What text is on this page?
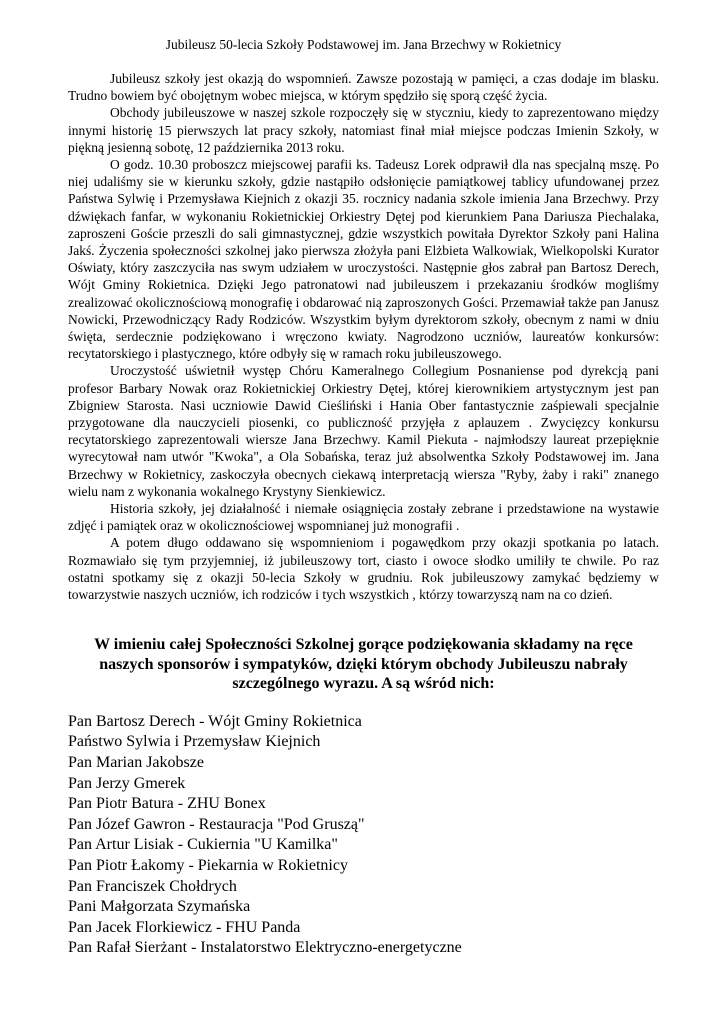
Jubileusz 50-lecia Szkoły Podstawowej im. Jana Brzechwy w Rokietnicy

Jubileusz szkoły jest okazją do wspomnień. Zawsze pozostają w pamięci, a czas dodaje im blasku. Trudno bowiem być obojętnym wobec miejsca, w którym spędziło się sporą część życia.

Obchody jubileuszowe w naszej szkole rozpoczęły się w styczniu, kiedy to zaprezentowano między innymi historię 15 pierwszych lat pracy szkoły, natomiast finał miał miejsce podczas Imienin Szkoły, w piękną jesienną sobotę, 12 października 2013 roku.

O godz. 10.30 proboszcz miejscowej parafii ks. Tadeusz Lorek odprawił dla nas specjalną mszę. Po niej udaliśmy sie w kierunku szkoły, gdzie nastąpiło odsłonięcie pamiątkowej tablicy ufundowanej przez Państwa Sylwię i Przemysława Kiejnich z okazji 35. rocznicy nadania szkole imienia Jana Brzechwy. Przy dźwiękach fanfar, w wykonaniu Rokietnickiej Orkiestry Dętej pod kierunkiem Pana Dariusza Piechalaka, zaproszeni Goście przeszli do sali gimnastycznej, gdzie wszystkich powitała Dyrektor Szkoły pani Halina Jakś. Życzenia społeczności szkolnej jako pierwsza złożyła pani Elżbieta Walkowiak, Wielkopolski Kurator Oświaty, który zaszczyciła nas swym udziałem w uroczystości. Następnie głos zabrał pan Bartosz Derech, Wójt Gminy Rokietnica. Dzięki Jego patronatowi nad jubileuszem i przekazaniu środków mogliśmy zrealizować okolicznościową monografię i obdarować nią zaproszonych Gości. Przemawiał także pan Janusz Nowicki, Przewodniczący Rady Rodziców. Wszystkim byłym dyrektorom szkoły, obecnym z nami w dniu święta, serdecznie podziękowano i wręczono kwiaty. Nagrodzono uczniów, laureatów konkursów: recytatorskiego i plastycznego, które odbyły się w ramach roku jubileuszowego.

Uroczystość uświetnił występ Chóru Kameralnego Collegium Posnaniense pod dyrekcją pani profesor Barbary Nowak oraz Rokietnickiej Orkiestry Dętej, której kierownikiem artystycznym jest pan Zbigniew Starosta. Nasi uczniowie Dawid Cieśliński i Hania Ober fantastycznie zaśpiewali specjalnie przygotowane dla nauczycieli piosenki, co publiczność przyjęła z aplauzem . Zwycięzcy konkursu recytatorskiego zaprezentowali wiersze Jana Brzechwy. Kamil Piekuta - najmłodszy laureat przepięknie wyrecytował nam utwór "Kwoka", a Ola Sobańska, teraz już absolwentka Szkoły Podstawowej im. Jana Brzechwy w Rokietnicy, zaskoczyła obecnych ciekawą interpretacją wiersza "Ryby, żaby i raki" znanego wielu nam z wykonania wokalnego Krystyny Sienkiewicz.

Historia szkoły, jej działalność i niemałe osiągnięcia zostały zebrane i przedstawione na wystawie zdjęć i pamiątek oraz w okolicznościowej wspomnianej już monografii .

A potem długo oddawano się wspomnieniom i pogawędkom przy okazji spotkania po latach. Rozmawiało się tym przyjemniej, iż jubileuszowy tort, ciasto i owoce słodko umiliły te chwile. Po raz ostatni spotkamy się z okazji 50-lecia Szkoły w grudniu. Rok jubileuszowy zamykać będziemy w towarzystwie naszych uczniów, ich rodziców i tych wszystkich , którzy towarzyszą nam na co dzień.

W imieniu całej Społeczności Szkolnej gorące podziękowania składamy na ręce naszych sponsorów i sympatyków, dzięki którym obchody Jubileuszu nabrały szczególnego wyrazu. A są wśród nich:
Pan Bartosz Derech - Wójt Gminy Rokietnica
Państwo Sylwia i Przemysław Kiejnich
Pan Marian Jakobsze
Pan Jerzy Gmerek
Pan Piotr Batura - ZHU Bonex
Pan Józef Gawron - Restauracja "Pod Gruszą"
Pan Artur Lisiak - Cukiernia "U Kamilka"
Pan Piotr Łakomy - Piekarnia w Rokietnicy
Pan Franciszek Chołdrych
Pani Małgorzata Szymańska
Pan Jacek Florkiewicz - FHU Panda
Pan Rafał Sierżant - Instalatorstwo Elektryczno-energetyczne
